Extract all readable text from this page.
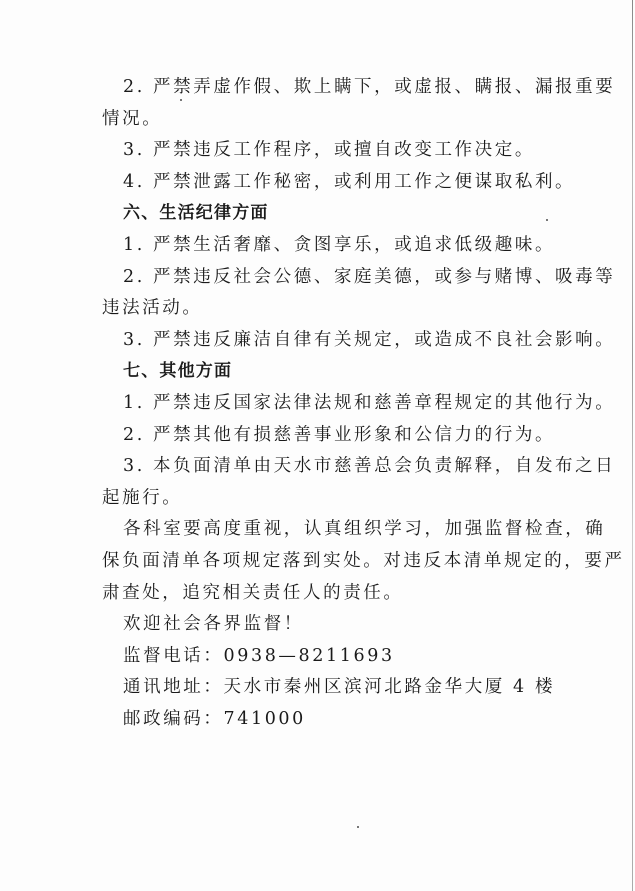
2. 严禁弄虚作假、欺上瞒下，或虚报、瞒报、漏报重要
情况。
3. 严禁违反工作程序，或擅自改变工作决定。
4. 严禁泄露工作秘密，或利用工作之便谋取私利。
六、生活纪律方面
1. 严禁生活奢靡、贪图享乐，或追求低级趣味。
2. 严禁违反社会公德、家庭美德，或参与赌博、吸毒等
违法活动。
3. 严禁违反廉洁自律有关规定，或造成不良社会影响。
七、其他方面
1. 严禁违反国家法律法规和慈善章程规定的其他行为。
2. 严禁其他有损慈善事业形象和公信力的行为。
3. 本负面清单由天水市慈善总会负责解释，自发布之日
起施行。
各科室要高度重视，认真组织学习，加强监督检查，确
保负面清单各项规定落到实处。对违反本清单规定的，要严
肃查处，追究相关责任人的责任。
欢迎社会各界监督！
监督电话：0938—8211693
通讯地址：天水市秦州区滨河北路金华大厦 4 楼
邮政编码：741000
